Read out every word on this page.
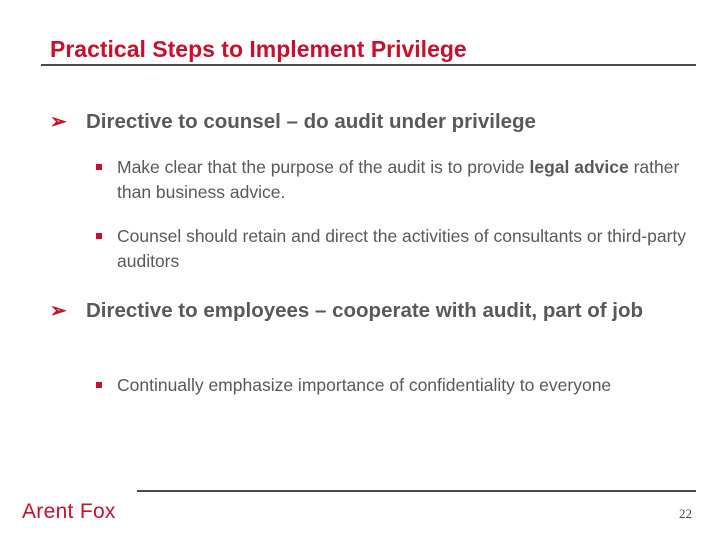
Practical Steps to Implement Privilege
➢ Directive to counsel – do audit under privilege
Make clear that the purpose of the audit is to provide legal advice rather than business advice.
Counsel should retain and direct the activities of consultants or third-party auditors
➢ Directive to employees – cooperate with audit, part of job
Continually emphasize importance of confidentiality to everyone
Arent Fox	22
